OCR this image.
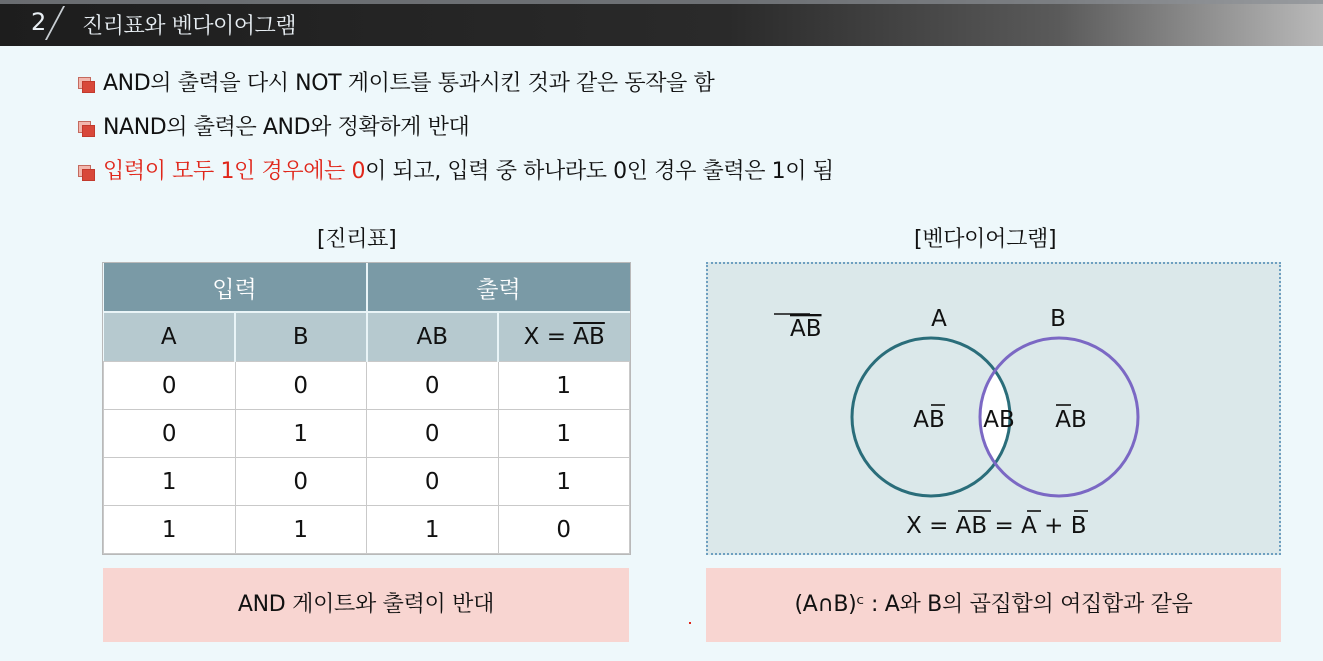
2 진리표와 벤다이어그램
AND의 출력을 다시 NOT 게이트를 통과시킨 것과 같은 동작을 함
NAND의 출력은 AND와 정확하게 반대
입력이 모두 1인 경우에는 0이 되고, 입력 중 하나라도 0인 경우 출력은 1이 됨
[진리표]	[벤다이어그램]
입력		출력	
A	B	AB	$X = \overline{AB}$
0	0	0	1
0	1	0	1
1	0	0	1
1	1	1	0
AND 게이트와 출력이 반대
AB	A	B
AB AB AB
X = AB = A + B
(A∩B)ᶜ : A와 B의 곱집합의 여집합과 같음
